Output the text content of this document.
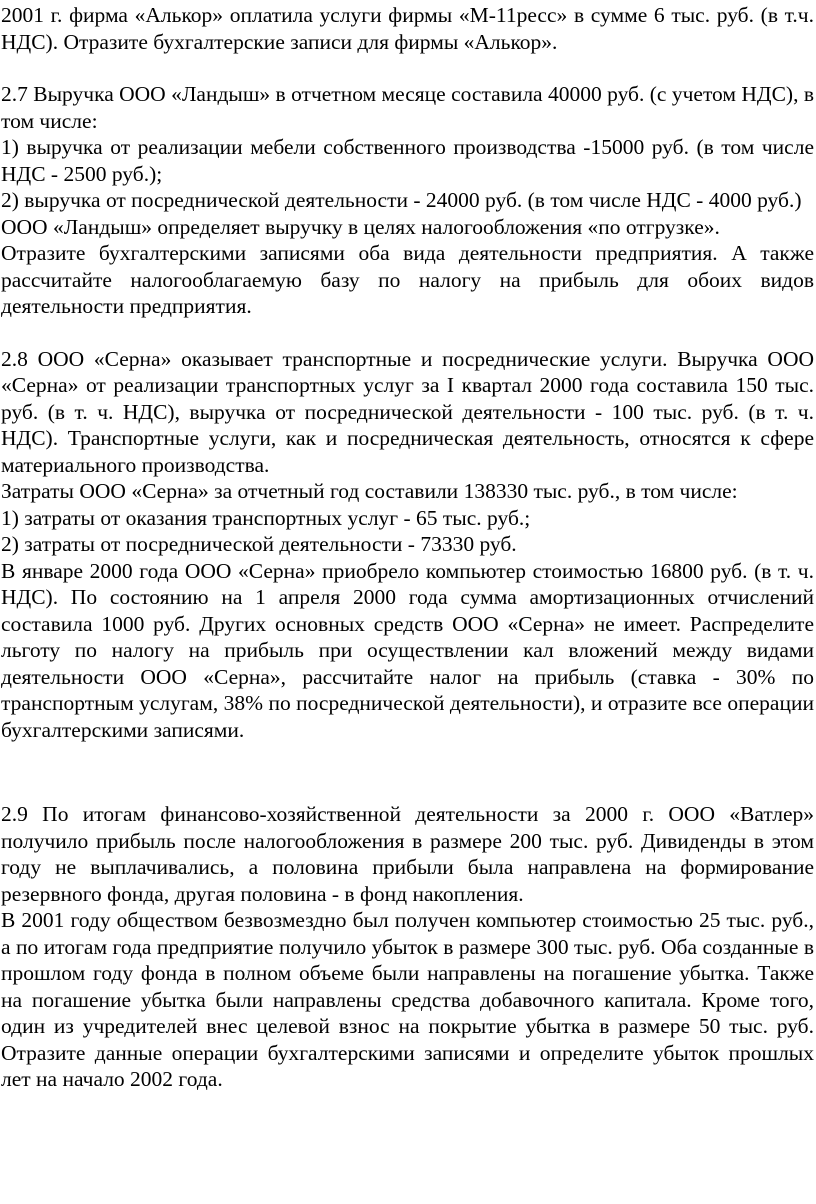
2001 г. фирма «Алькор» оплатила услуги фирмы «М-11ресс» в сумме 6 тыс. руб. (в т.ч. НДС). Отразите бухгалтерские записи для фирмы «Алькор».

2.7 Выручка ООО «Ландыш» в отчетном месяце составила 40000 руб. (с учетом НДС), в том числе:

1) выручка от реализации мебели собственного производства -15000 руб. (в том числе НДС - 2500 руб.);

2) выручка от посреднической деятельности - 24000 руб. (в том числе НДС - 4000 руб.)

ООО «Ландыш» определяет выручку в целях налогообложения «по отгрузке».

Отразите бухгалтерскими записями оба вида деятельности предприятия. А также рассчитайте налогооблагаемую базу по налогу на прибыль для обоих видов деятельности предприятия.

2.8 ООО «Серна» оказывает транспортные и посреднические услуги. Выручка ООО «Серна» от реализации транспортных услуг за I квартал 2000 года составила 150 тыс. руб. (в т. ч. НДС), выручка от посреднической деятельности - 100 тыс. руб. (в т. ч. НДС). Транспортные услуги, как и посредническая деятельность, относятся к сфере материального производства.

Затраты ООО «Серна» за отчетный год составили 138330 тыс. руб., в том числе:

1) затраты от оказания транспортных услуг - 65 тыс. руб.;

2) затраты от посреднической деятельности - 73330 руб.

В январе 2000 года ООО «Серна» приобрело компьютер стоимостью 16800 руб. (в т. ч. НДС). По состоянию на 1 апреля 2000 года сумма амортизационных отчислений составила 1000 руб. Других основных средств ООО «Серна» не имеет. Распределите льготу по налогу на прибыль при осуществлении кал вложений между видами деятельности ООО «Серна», рассчитайте налог на прибыль (ставка - 30% по транспортным услугам, 38% по посреднической деятельности), и отразите все операции бухгалтерскими записями.

2.9 По итогам финансово-хозяйственной деятельности за 2000 г. ООО «Ватлер» получило прибыль после налогообложения в размере 200 тыс. руб. Дивиденды в этом году не выплачивались, а половина прибыли была направлена на формирование резервного фонда, другая половина - в фонд накопления.

В 2001 году обществом безвозмездно был получен компьютер стоимостью 25 тыс. руб., а по итогам года предприятие получило убыток в размере 300 тыс. руб. Оба созданные в прошлом году фонда в полном объеме были направлены на погашение убытка. Также на погашение убытка были направлены средства добавочного капитала. Кроме того, один из учредителей внес целевой взнос на покрытие убытка в размере 50 тыс. руб. Отразите данные операции бухгалтерскими записями и определите убыток прошлых лет на начало 2002 года.
